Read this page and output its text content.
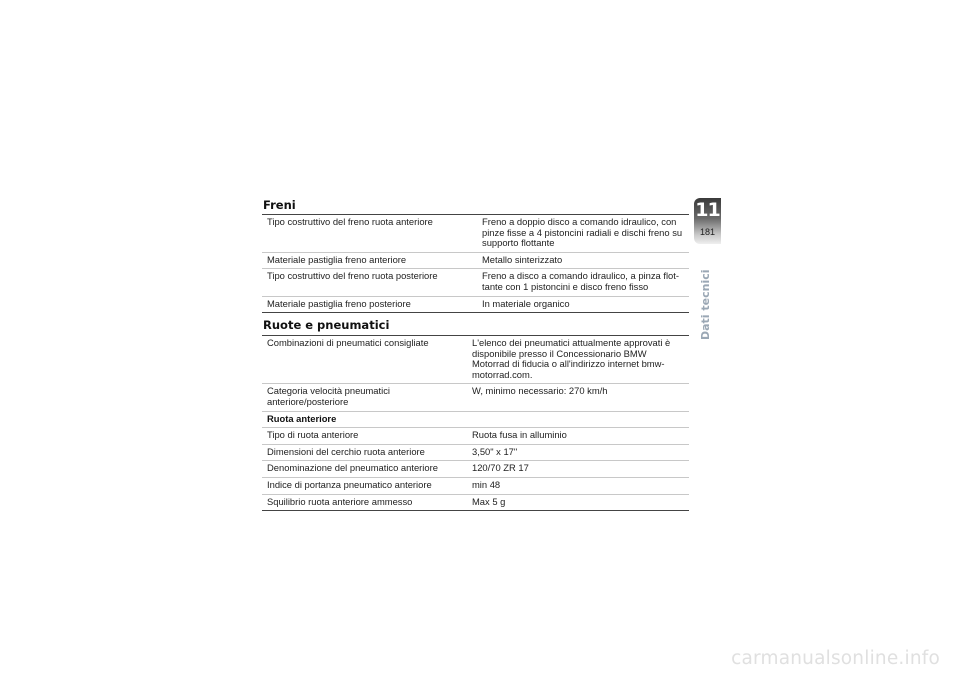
Freni
Tipo costruttivo del freno ruota anteriore	Freno a doppio disco a comando idraulico, con pinze fisse a 4 pistoncini radiali e dischi freno su supporto flottante
Materiale pastiglia freno anteriore	Metallo sinterizzato
Tipo costruttivo del freno ruota posteriore	Freno a disco a comando idraulico, a pinza flot-tante con 1 pistoncini e disco freno fisso
Materiale pastiglia freno posteriore	In materiale organico
Ruote e pneumatici
Combinazioni di pneumatici consigliate	L'elenco dei pneumatici attualmente approvati è disponibile presso il Concessionario BMW Motorrad di fiducia o all'indirizzo internet bmw-motorrad.com.
Categoria velocità pneumatici anteriore/posteriore	W, minimo necessario: 270 km/h
Ruota anteriore	
Tipo di ruota anteriore	Ruota fusa in alluminio
Dimensioni del cerchio ruota anteriore	3,50" x 17"
Denominazione del pneumatico anteriore	120/70 ZR 17
Indice di portanza pneumatico anteriore	min 48
Squilibrio ruota anteriore ammesso	Max 5 g
11
181
Dati tecnici
carmanualsonline.info
